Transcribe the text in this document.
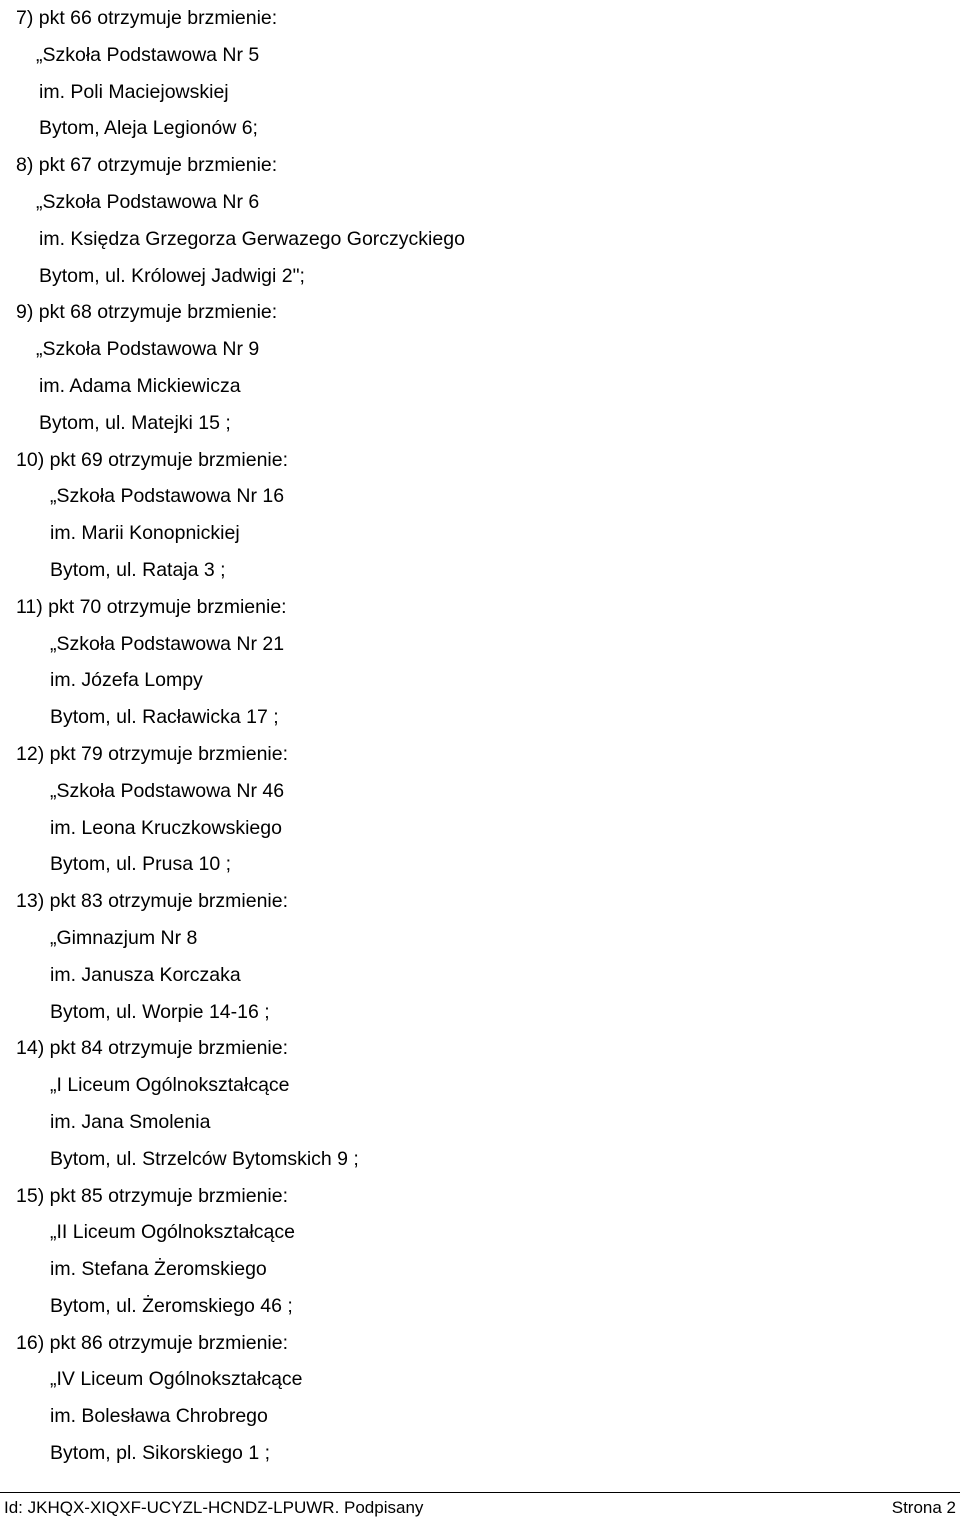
7) pkt 66 otrzymuje brzmienie:
„Szkoła Podstawowa Nr 5
im. Poli Maciejowskiej
Bytom, Aleja Legionów 6;
8) pkt 67 otrzymuje brzmienie:
„Szkoła Podstawowa Nr 6
im. Księdza Grzegorza Gerwazego Gorczyckiego
Bytom, ul. Królowej Jadwigi 2";
9) pkt 68 otrzymuje brzmienie:
„Szkoła Podstawowa Nr 9
im. Adama Mickiewicza
Bytom, ul. Matejki 15 ;
10) pkt 69 otrzymuje brzmienie:
„Szkoła Podstawowa Nr 16
im. Marii Konopnickiej
Bytom, ul. Rataja 3 ;
11) pkt 70 otrzymuje brzmienie:
„Szkoła Podstawowa Nr 21
im. Józefa Lompy
Bytom, ul. Racławicka 17 ;
12) pkt 79 otrzymuje brzmienie:
„Szkoła Podstawowa Nr 46
im. Leona Kruczkowskiego
Bytom, ul. Prusa 10 ;
13) pkt 83 otrzymuje brzmienie:
„Gimnazjum Nr 8
im. Janusza Korczaka
Bytom, ul. Worpie 14-16 ;
14) pkt 84 otrzymuje brzmienie:
„I Liceum Ogólnokształcące
im. Jana Smolenia
Bytom, ul. Strzelców Bytomskich 9 ;
15) pkt 85 otrzymuje brzmienie:
„II Liceum Ogólnokształcące
im. Stefana Żeromskiego
Bytom, ul. Żeromskiego 46 ;
16) pkt 86 otrzymuje brzmienie:
„IV Liceum Ogólnokształcące
im. Bolesława Chrobrego
Bytom, pl. Sikorskiego 1 ;
Id: JKHQX-XIQXF-UCYZL-HCNDZ-LPUWR. Podpisany	Strona 2
